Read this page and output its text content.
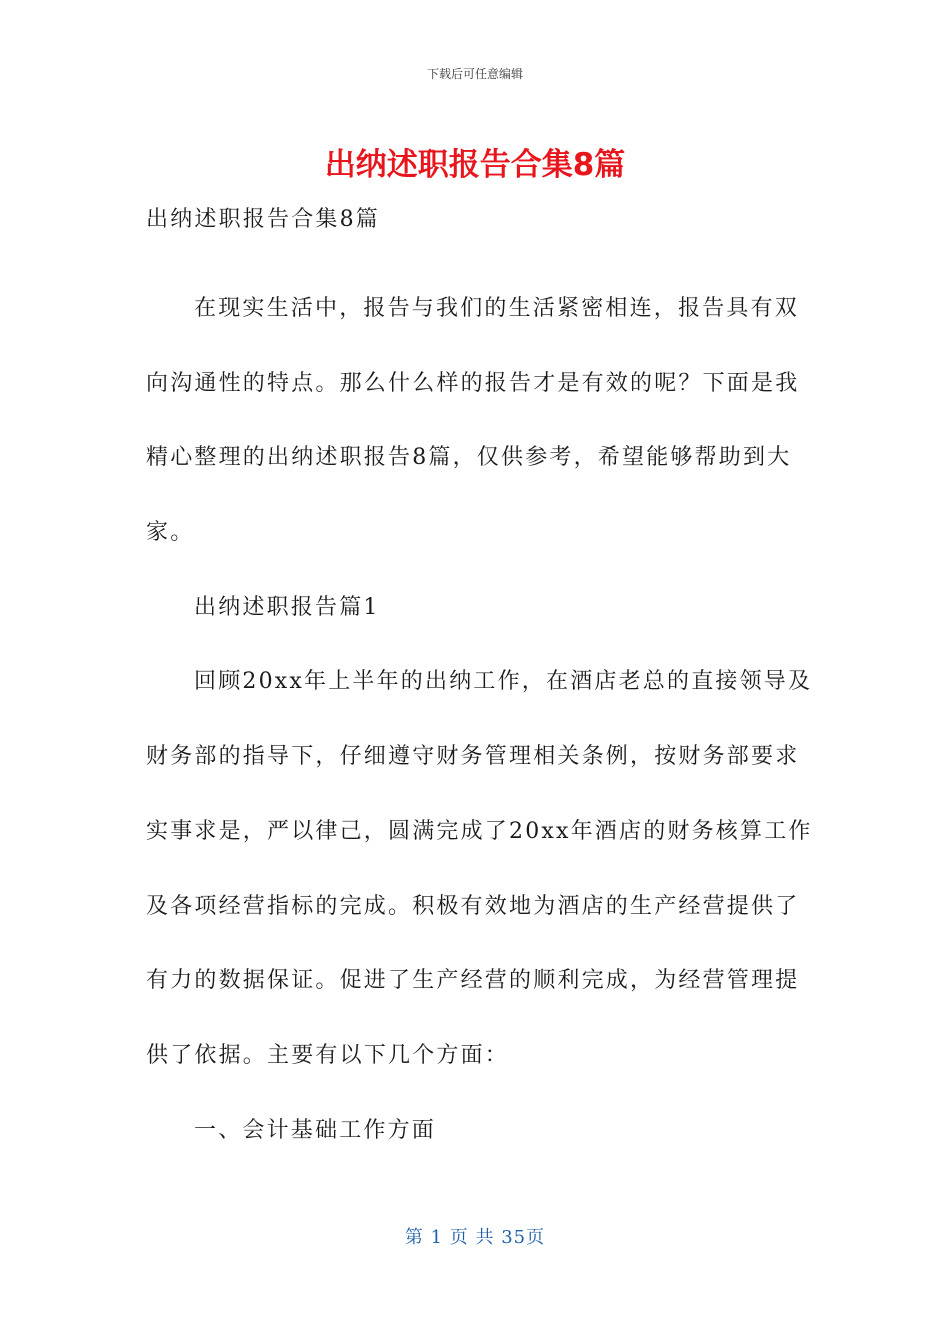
下载后可任意编辑
出纳述职报告合集8篇
出纳述职报告合集8篇
在现实生活中，报告与我们的生活紧密相连，报告具有双
向沟通性的特点。那么什么样的报告才是有效的呢？下面是我
精心整理的出纳述职报告8篇，仅供参考，希望能够帮助到大
家。
出纳述职报告篇1
回顾20xx年上半年的出纳工作，在酒店老总的直接领导及
财务部的指导下，仔细遵守财务管理相关条例，按财务部要求
实事求是，严以律己，圆满完成了20xx年酒店的财务核算工作
及各项经营指标的完成。积极有效地为酒店的生产经营提供了
有力的数据保证。促进了生产经营的顺利完成，为经营管理提
供了依据。主要有以下几个方面：
一、会计基础工作方面
第 1 页 共 35页
